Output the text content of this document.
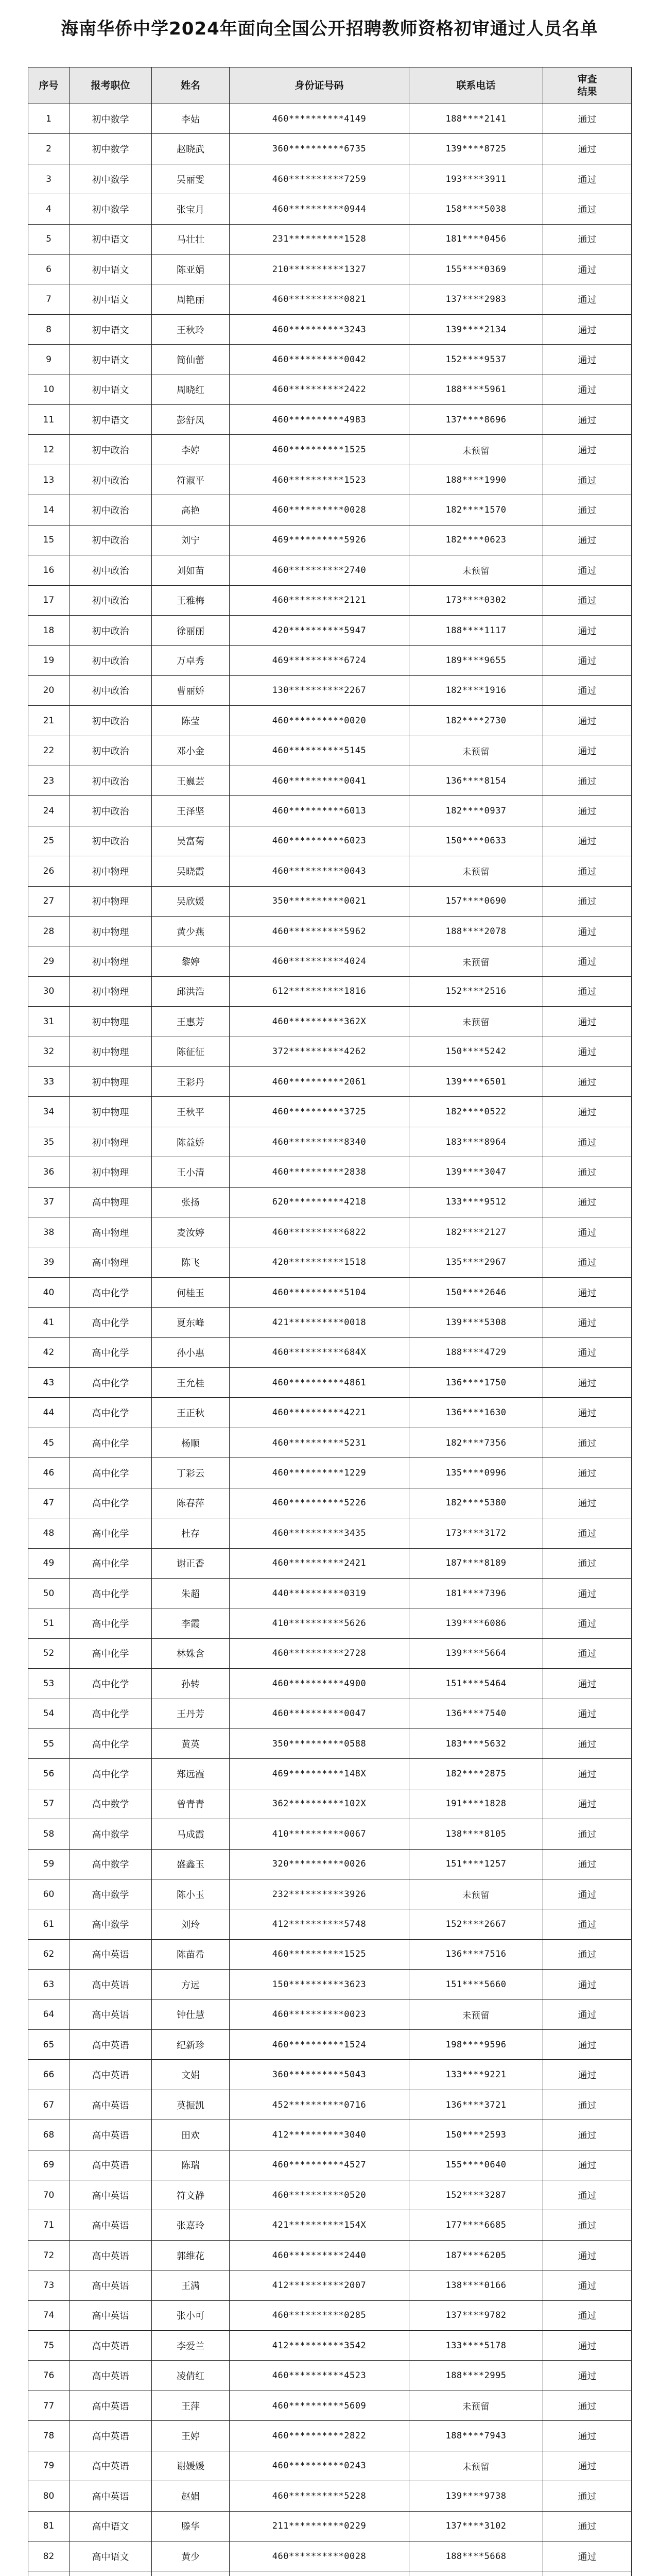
海南华侨中学2024年面向全国公开招聘教师资格初审通过人员名单
序号	报考职位	姓名	身份证号码	联系电话	审查
结果
1	初中数学	李姑	460**********4149	188****2141	通过
2	初中数学	赵晓武	360**********6735	139****8725	通过
3	初中数学	吴丽雯	460**********7259	193****3911	通过
4	初中数学	张宝月	460**********0944	158****5038	通过
5	初中语文	马壮壮	231**********1528	181****0456	通过
6	初中语文	陈亚娟	210**********1327	155****0369	通过
7	初中语文	周艳丽	460**********0821	137****2983	通过
8	初中语文	王秋玲	460**********3243	139****2134	通过
9	初中语文	简仙蕾	460**********0042	152****9537	通过
10	初中语文	周晓红	460**********2422	188****5961	通过
11	初中语文	彭舒凤	460**********4983	137****8696	通过
12	初中政治	李婷	460**********1525	未预留	通过
13	初中政治	符淑平	460**********1523	188****1990	通过
14	初中政治	高艳	460**********0028	182****1570	通过
15	初中政治	刘宁	469**********5926	182****0623	通过
16	初中政治	刘如苗	460**********2740	未预留	通过
17	初中政治	王雅梅	460**********2121	173****0302	通过
18	初中政治	徐丽丽	420**********5947	188****1117	通过
19	初中政治	万卓秀	469**********6724	189****9655	通过
20	初中政治	曹丽娇	130**********2267	182****1916	通过
21	初中政治	陈莹	460**********0020	182****2730	通过
22	初中政治	邓小金	460**********5145	未预留	通过
23	初中政治	王巍芸	460**********0041	136****8154	通过
24	初中政治	王泽坚	460**********6013	182****0937	通过
25	初中政治	吴富菊	460**********6023	150****0633	通过
26	初中物理	吴晓霞	460**********0043	未预留	通过
27	初中物理	吴欣媛	350**********0021	157****0690	通过
28	初中物理	黄少燕	460**********5962	188****2078	通过
29	初中物理	黎婷	460**********4024	未预留	通过
30	初中物理	邱洪浩	612**********1816	152****2516	通过
31	初中物理	王惠芳	460**********362X	未预留	通过
32	初中物理	陈征征	372**********4262	150****5242	通过
33	初中物理	王彩丹	460**********2061	139****6501	通过
34	初中物理	王秋平	460**********3725	182****0522	通过
35	初中物理	陈益娇	460**********8340	183****8964	通过
36	初中物理	王小清	460**********2838	139****3047	通过
37	高中物理	张扬	620**********4218	133****9512	通过
38	高中物理	麦汝婷	460**********6822	182****2127	通过
39	高中物理	陈飞	420**********1518	135****2967	通过
40	高中化学	何桂玉	460**********5104	150****2646	通过
41	高中化学	夏东峰	421**********0018	139****5308	通过
42	高中化学	孙小惠	460**********684X	188****4729	通过
43	高中化学	王允桂	460**********4861	136****1750	通过
44	高中化学	王正秋	460**********4221	136****1630	通过
45	高中化学	杨顺	460**********5231	182****7356	通过
46	高中化学	丁彩云	460**********1229	135****0996	通过
47	高中化学	陈春萍	460**********5226	182****5380	通过
48	高中化学	杜存	460**********3435	173****3172	通过
49	高中化学	谢正香	460**********2421	187****8189	通过
50	高中化学	朱超	440**********0319	181****7396	通过
51	高中化学	李霞	410**********5626	139****6086	通过
52	高中化学	林姝含	460**********2728	139****5664	通过
53	高中化学	孙转	460**********4900	151****5464	通过
54	高中化学	王丹芳	460**********0047	136****7540	通过
55	高中化学	黄英	350**********0588	183****5632	通过
56	高中化学	郑远霞	469**********148X	182****2875	通过
57	高中数学	曾青青	362**********102X	191****1828	通过
58	高中数学	马成霞	410**********0067	138****8105	通过
59	高中数学	盛鑫玉	320**********0026	151****1257	通过
60	高中数学	陈小玉	232**********3926	未预留	通过
61	高中数学	刘玲	412**********5748	152****2667	通过
62	高中英语	陈苗希	460**********1525	136****7516	通过
63	高中英语	方远	150**********3623	151****5660	通过
64	高中英语	钟仕慧	460**********0023	未预留	通过
65	高中英语	纪新珍	460**********1524	198****9596	通过
66	高中英语	文娟	360**********5043	133****9221	通过
67	高中英语	莫振凯	452**********0716	136****3721	通过
68	高中英语	田欢	412**********3040	150****2593	通过
69	高中英语	陈瑞	460**********4527	155****0640	通过
70	高中英语	符文静	460**********0520	152****3287	通过
71	高中英语	张嘉玲	421**********154X	177****6685	通过
72	高中英语	郭维花	460**********2440	187****6205	通过
73	高中英语	王满	412**********2007	138****0166	通过
74	高中英语	张小可	460**********0285	137****9782	通过
75	高中英语	李爱兰	412**********3542	133****5178	通过
76	高中英语	凌倩红	460**********4523	188****2995	通过
77	高中英语	王萍	460**********5609	未预留	通过
78	高中英语	王婷	460**********2822	188****7943	通过
79	高中英语	谢媛媛	460**********0243	未预留	通过
80	高中英语	赵娟	460**********5228	139****9738	通过
81	高中语文	滕华	211**********0229	137****3102	通过
82	高中语文	黄少	460**********0028	188****5668	通过
